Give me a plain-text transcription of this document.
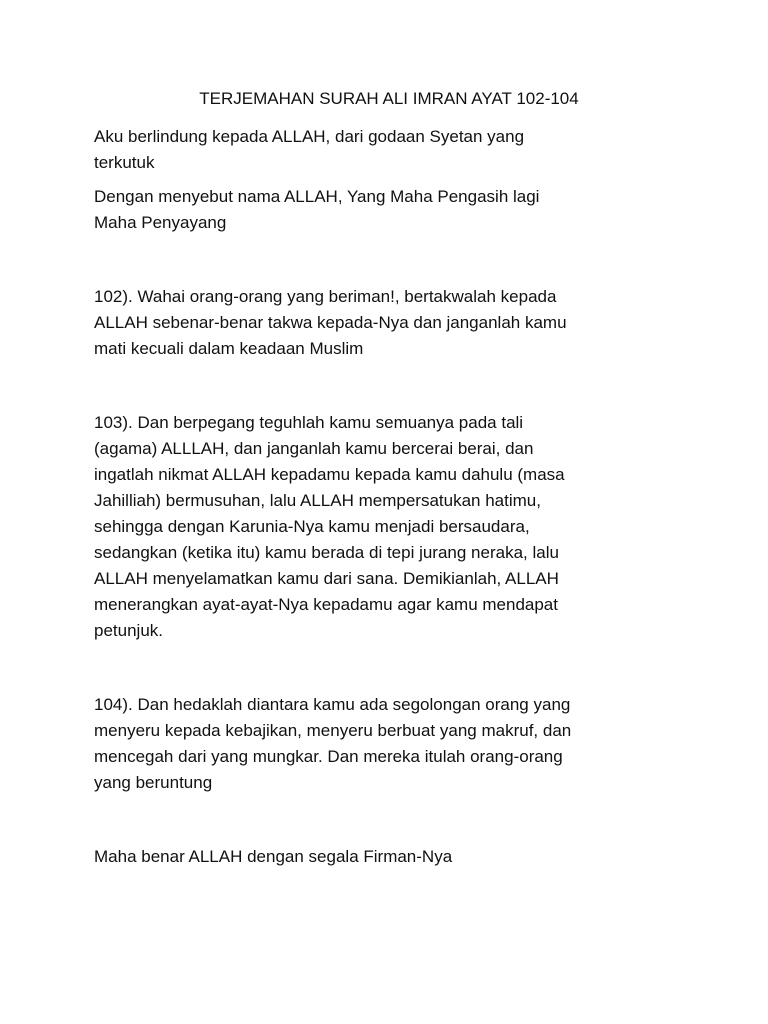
TERJEMAHAN SURAH ALI IMRAN AYAT 102-104

Aku berlindung kepada ALLAH, dari godaan Syetan yang
terkutuk

Dengan menyebut nama ALLAH, Yang Maha Pengasih lagi
Maha Penyayang

102). Wahai orang-orang yang beriman!, bertakwalah kepada
ALLAH sebenar-benar takwa kepada-Nya dan janganlah kamu
mati kecuali dalam keadaan Muslim

103). Dan berpegang teguhlah kamu semuanya pada tali
(agama) ALLLAH, dan janganlah kamu bercerai berai, dan
ingatlah nikmat ALLAH kepadamu kepada kamu dahulu (masa
Jahilliah) bermusuhan, lalu ALLAH mempersatukan hatimu,
sehingga dengan Karunia-Nya kamu menjadi bersaudara,
sedangkan (ketika itu) kamu berada di tepi jurang neraka, lalu
ALLAH menyelamatkan kamu dari sana. Demikianlah, ALLAH
menerangkan ayat-ayat-Nya kepadamu agar kamu mendapat
petunjuk.

104). Dan hedaklah diantara kamu ada segolongan orang yang
menyeru kepada kebajikan, menyeru berbuat yang makruf, dan
mencegah dari yang mungkar. Dan mereka itulah orang-orang
yang beruntung

Maha benar ALLAH dengan segala Firman-Nya
